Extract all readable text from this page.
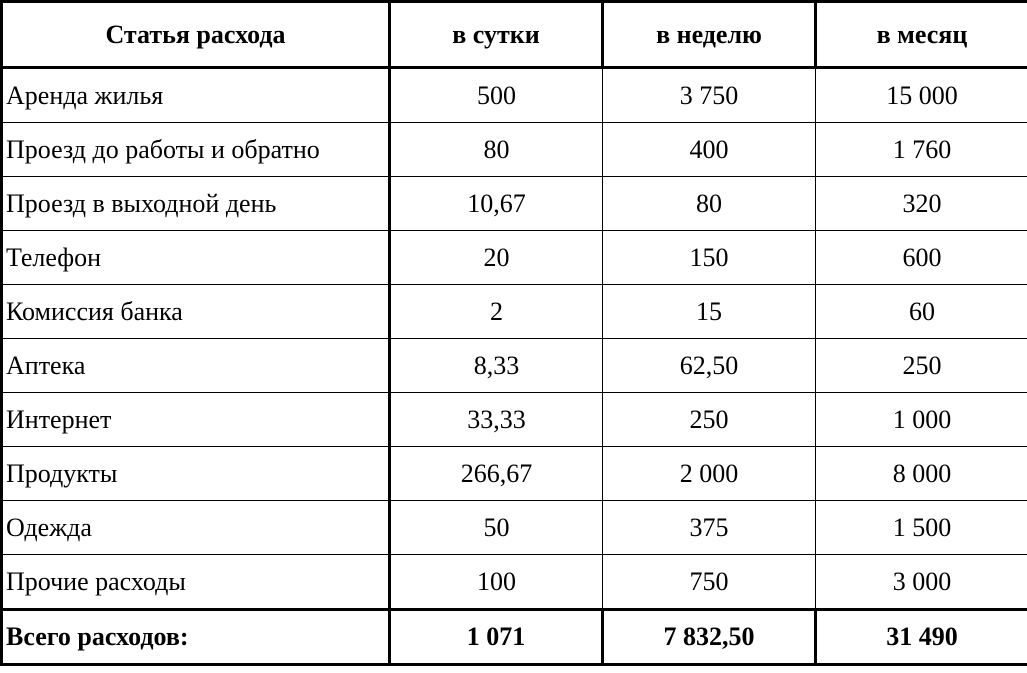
Статья расхода	в сутки	в неделю	в месяц
Аренда жилья	500	3 750	15 000
Проезд до работы и обратно	80	400	1 760
Проезд в выходной день	10,67	80	320
Телефон	20	150	600
Комиссия банка	2	15	60
Аптека	8,33	62,50	250
Интернет	33,33	250	1 000
Продукты	266,67	2 000	8 000
Одежда	50	375	1 500
Прочие расходы	100	750	3 000
Всего расходов:	1 071	7 832,50	31 490
